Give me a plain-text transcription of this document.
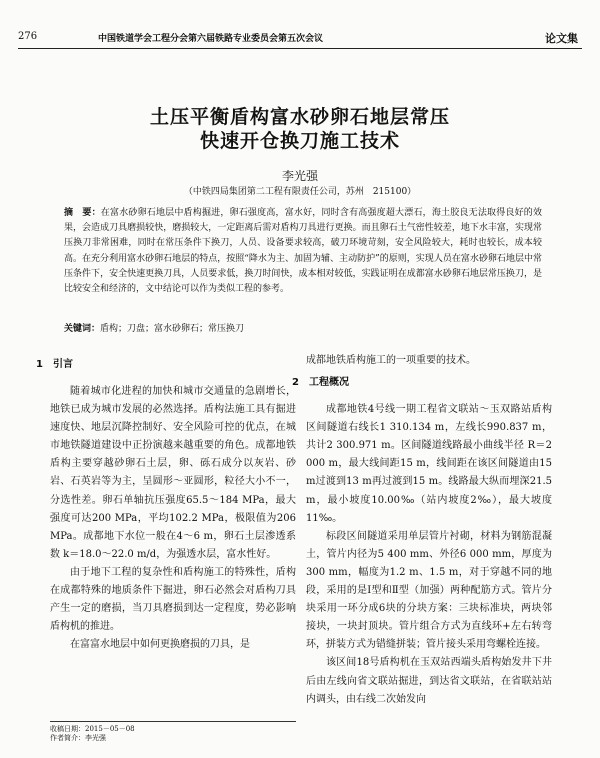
276	中国铁道学会工程分会第六届铁路专业委员会第五次会议	论文集
土压平衡盾构富水砂卵石地层常压
快速开仓换刀施工技术
李光强
（中铁四局集团第二工程有限责任公司，苏州　215100）
摘　要：在富水砂卵石地层中盾构掘进，卵石强度高，富水好，同时含有高强度超大漂石，海土胶良无法取得良好的效果，会造成刀具磨损较快，磨损较大，一定距离后需对盾构刀具进行更换。而且卵石土气密性较差，地下水丰富，实现常压换刀非常困难，同时在常压条件下换刀，人员、设备要求较高，破刀环境苛刻，安全风险较大，耗时也较长，成本较高。在充分利用富水砂卵石地层的特点，按照“降水为主、加固为辅、主动防护”的原则，实现人员在富水砂卵石地层中常压条件下，安全快速更换刀具，人员要求低，换刀时间快，成本相对较低，实践证明在成都富水砂卵石地层常压换刀，是比较安全和经济的，文中结论可以作为类似工程的参考。
关键词：盾构；刀盘；富水砂卵石；常压换刀
1　引言

随着城市化进程的加快和城市交通量的急剧增长，地铁已成为城市发展的必然选择。盾构法施工具有掘进速度快、地层沉降控制好、安全风险可控的优点，在城市地铁隧道建设中正扮演越来越重要的角色。成都地铁盾构主要穿越砂卵石土层，卵、砾石成分以灰岩、砂岩、石英岩等为主，呈圆形～亚圆形，粒径大小不一，分选性差。卵石单轴抗压强度65.5～184 MPa，最大强度可达200 MPa，平均102.2 MPa，极限值为206 MPa。成都地下水位一般在4～6 m，卵石土层渗透系数 k＝18.0～22.0 m/d，为强透水层，富水性好。

由于地下工程的复杂性和盾构施工的特殊性，盾构在成都特殊的地质条件下掘进，卵石必然会对盾构刀具产生一定的磨损，当刀具磨损到达一定程度，势必影响盾构机的推进。

在富富水地层中如何更换磨损的刀具，是

成都地铁盾构施工的一项重要的技术。

2　工程概况

成都地铁4号线一期工程省文联站～玉双路站盾构区间隧道右线长1 310.134 m，左线长990.837 m，共计2 300.971 m。区间隧道线路最小曲线半径 R＝2 000 m，最大线间距15 m，线间距在该区间隧道由15 m过渡到13 m再过渡到15 m。线路最大纵而埋深21.5 m，最小坡度10.00‰（站内坡度2‰），最大坡度11‰。

标段区间隧道采用单层管片衬砌，材料为钢筋混凝土，管片内径为5 400 mm、外径6 000 mm，厚度为300 mm，幅度为1.2 m、1.5 m，对于穿越不同的地段，采用的是Ⅰ型和Ⅱ型（加强）两种配筋方式。管片分块采用一环分成6块的分块方案：三块标准块，两块邻接块，一块封顶块。管片组合方式为直线环+左右转弯环，拼装方式为错缝拼装；管片接头采用弯螺栓连接。

该区间18号盾构机在玉双站西端头盾构始发井下井后由左线向省文联站掘进，到达省文联站，在省联站站内调头，由右线二次始发向

收稿日期：2015－05－08
作者简介：李光强
